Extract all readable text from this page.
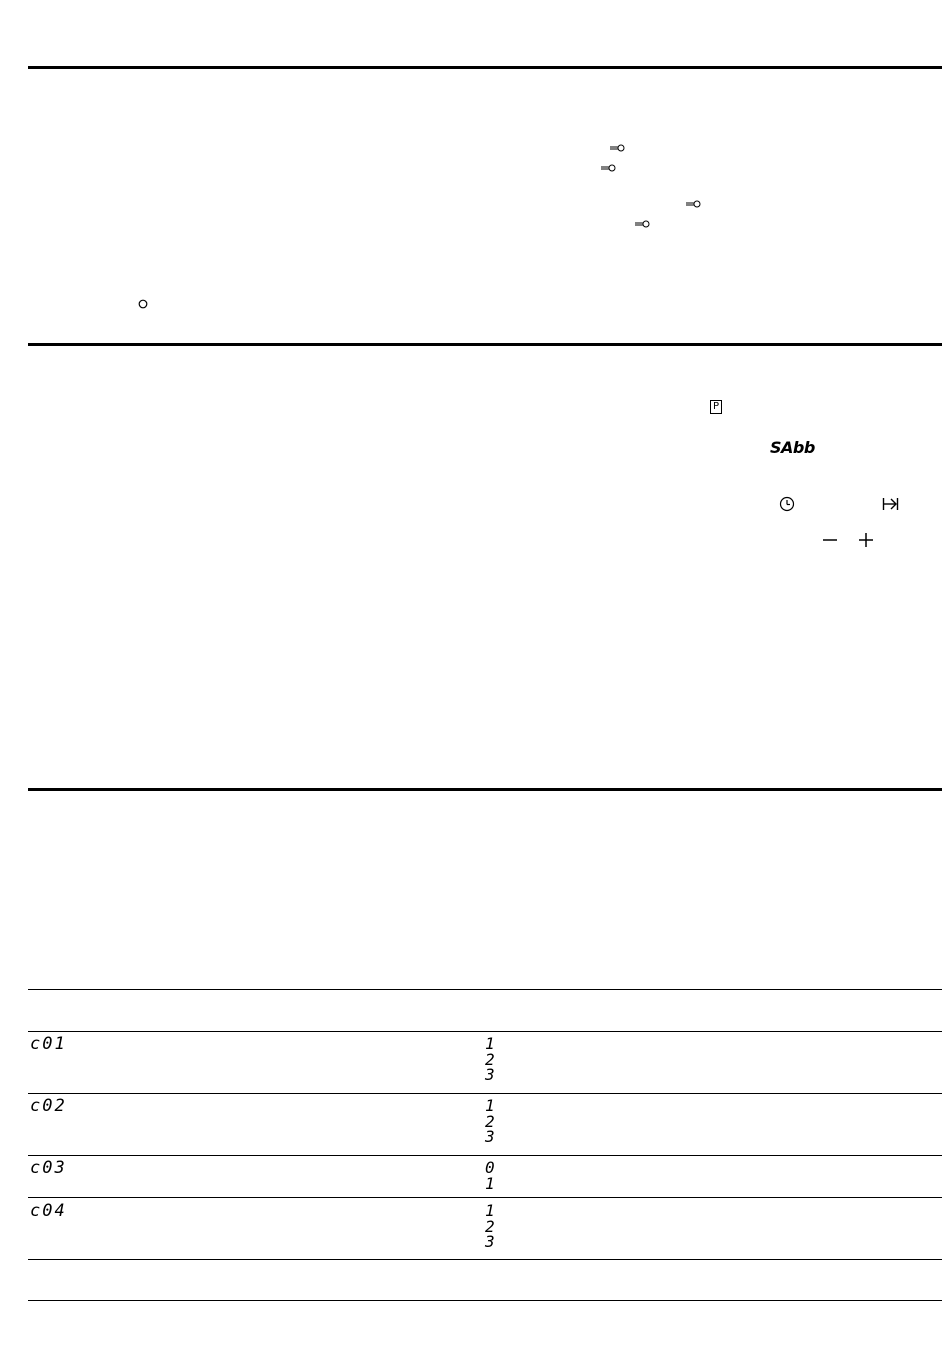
P
SAbb
c01	1
2
3
c02	1
2
3
c03	0
1
c04	1
2
3
